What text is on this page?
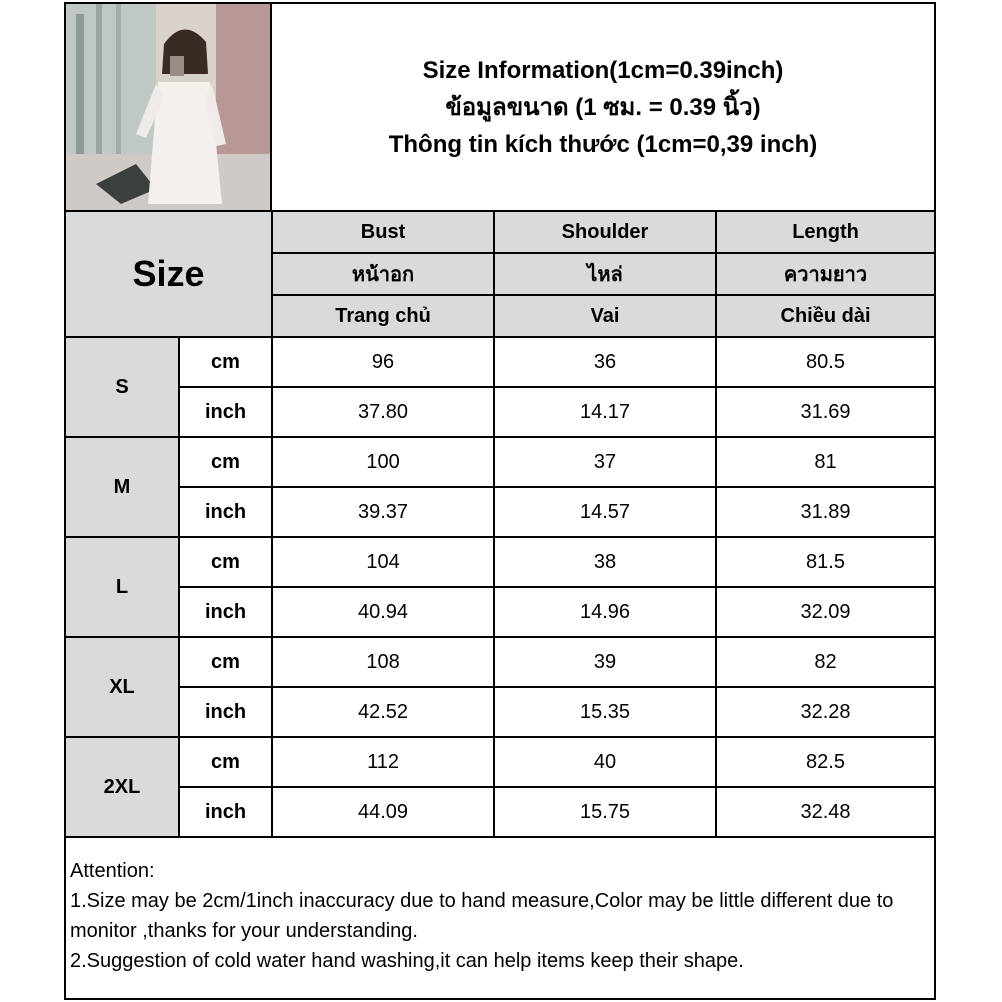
Size Information(1cm=0.39inch)
ข้อมูลขนาด (1 ซม. = 0.39 นิ้ว)
Thông tin kích thước (1cm=0,39 inch)
Size		Bust	Shoulder	Length
		หน้าอก	ไหล่	ความยาว
		Trang chủ	Vai	Chiều dài
S	cm	96	36	80.5
	inch	37.80	14.17	31.69
M	cm	100	37	81
	inch	39.37	14.57	31.89
L	cm	104	38	81.5
	inch	40.94	14.96	32.09
XL	cm	108	39	82
	inch	42.52	15.35	32.28
2XL	cm	112	40	82.5
	inch	44.09	15.75	32.48
Attention:
1.Size may be 2cm/1inch inaccuracy due to hand measure,Color may be little different due to monitor ,thanks for your understanding.
2.Suggestion of cold water hand washing,it can help items keep their shape.
